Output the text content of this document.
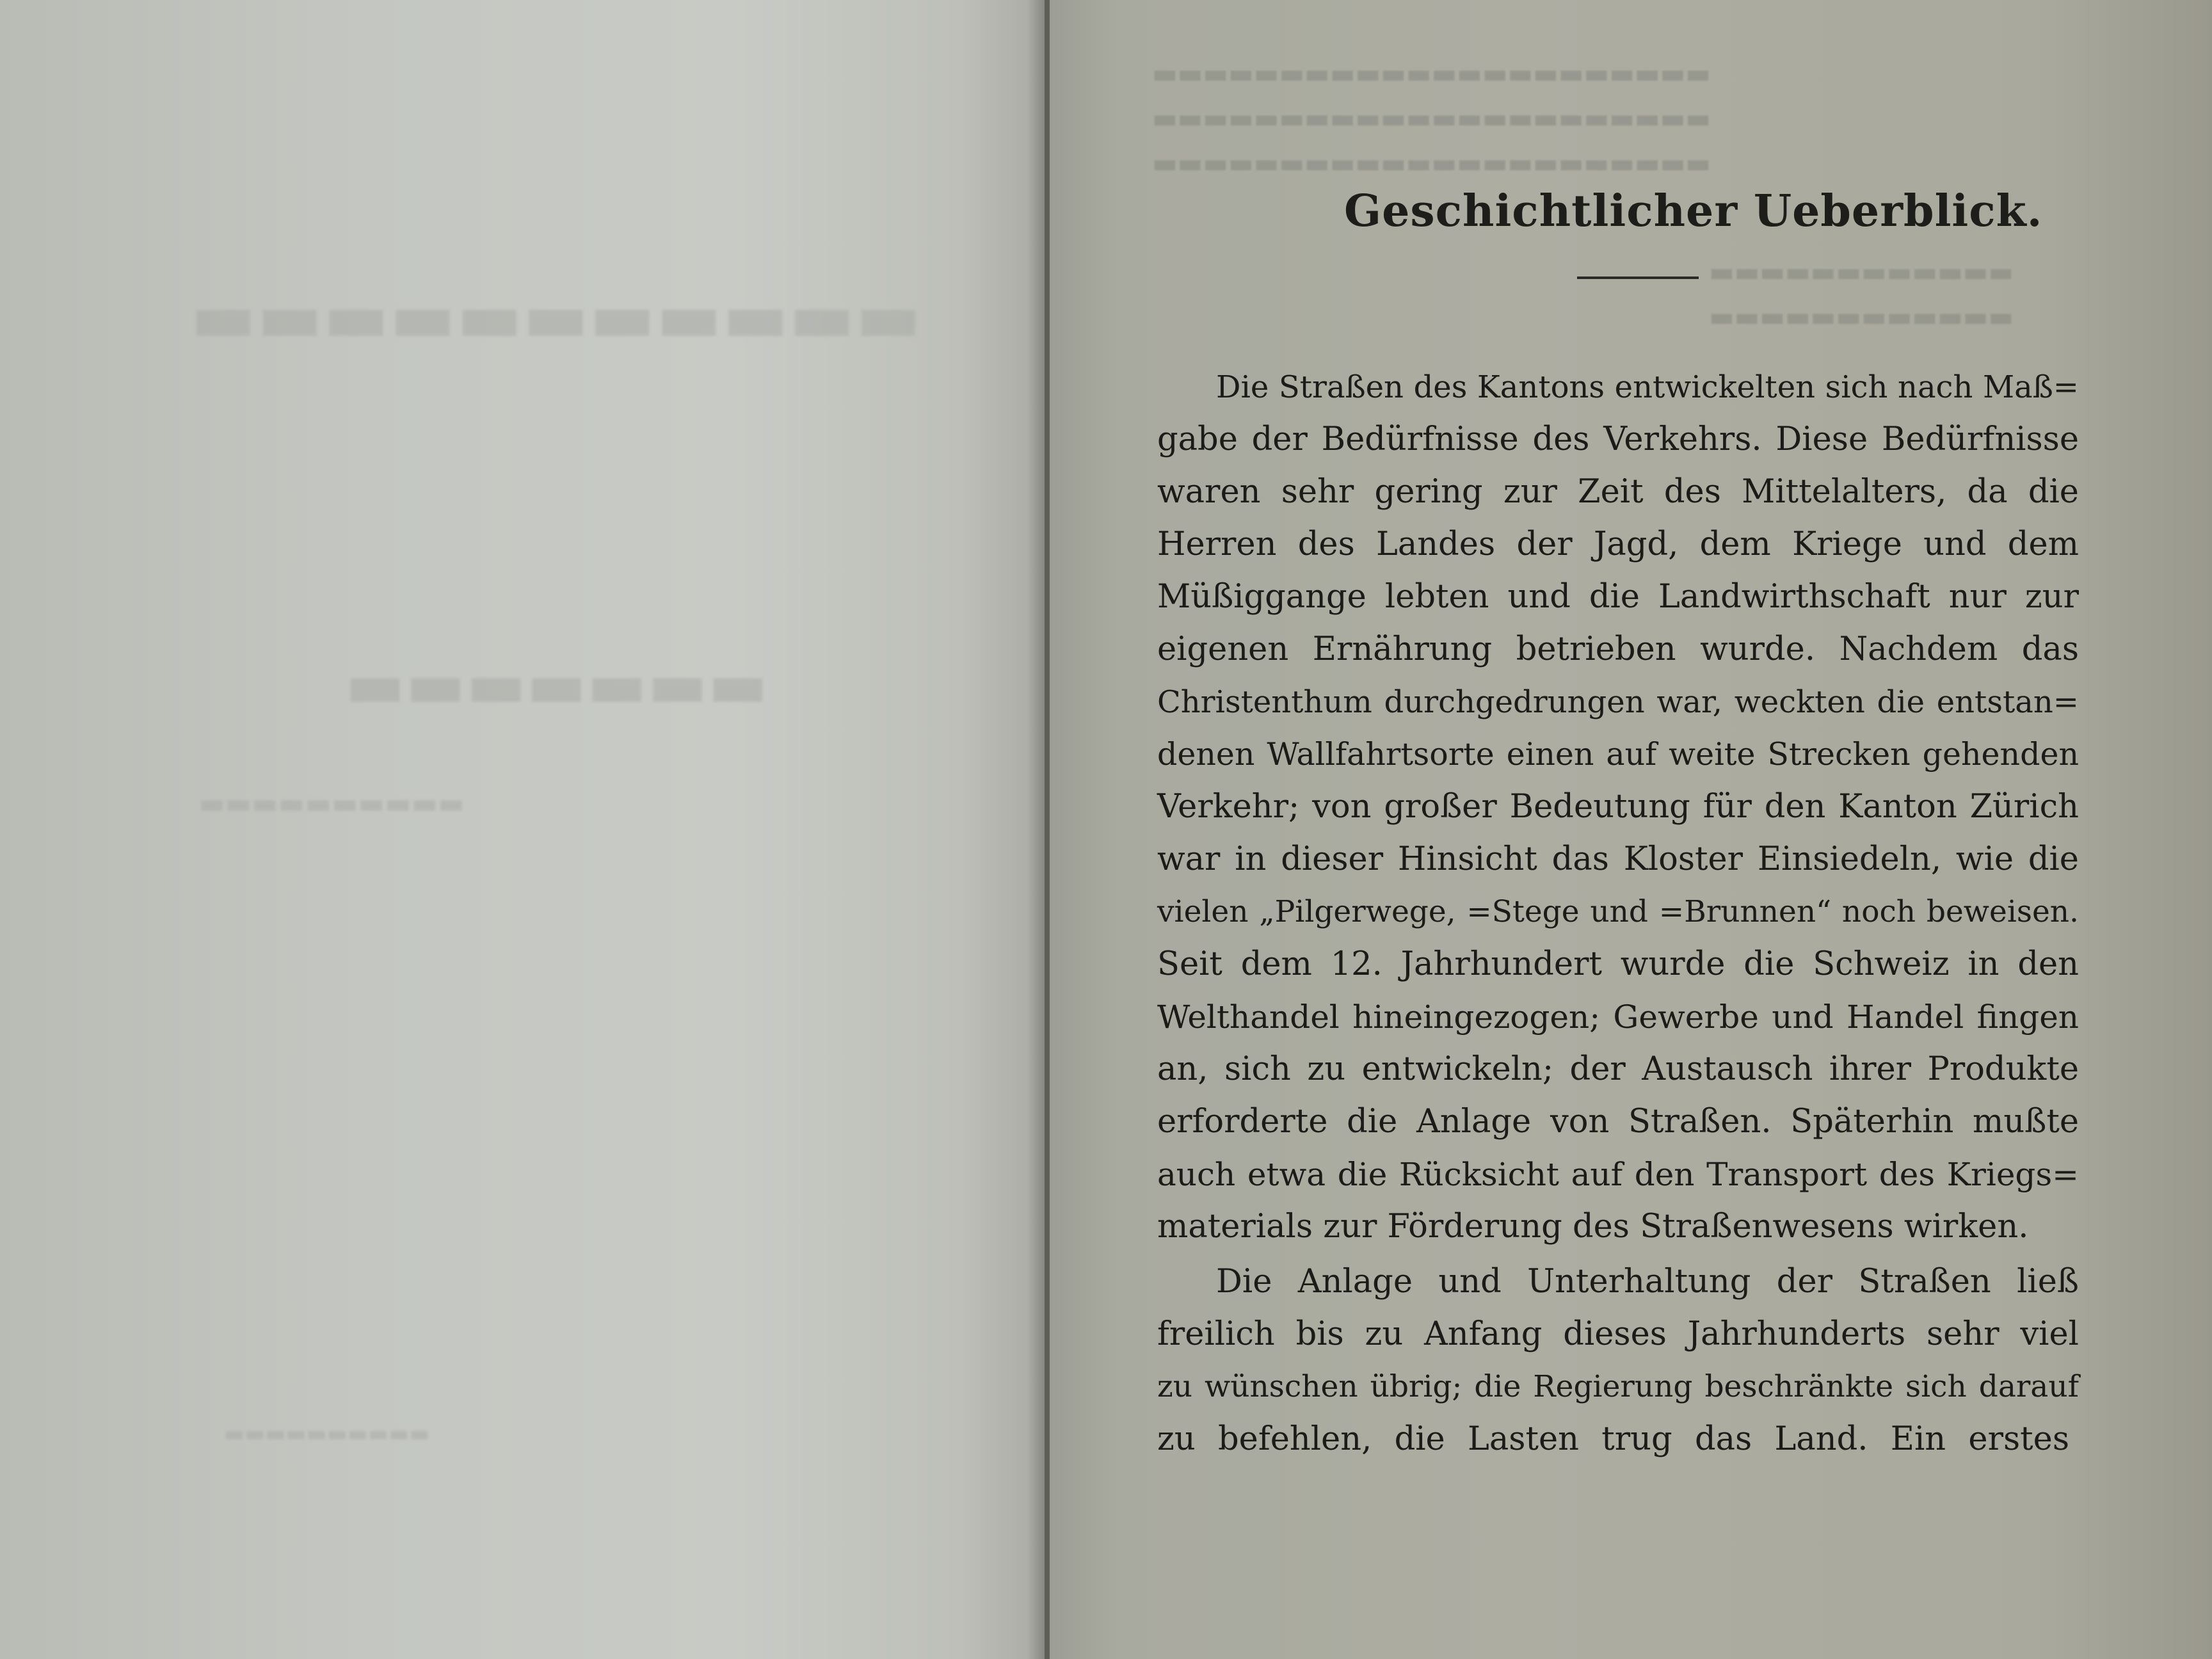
▬▬▬▬▬▬▬▬▬▬▬
▬▬▬▬▬▬▬
▬▬▬▬▬▬▬▬▬▬
▬▬▬▬▬▬▬▬▬▬
▬▬▬▬▬▬▬▬▬▬▬▬▬▬▬▬▬▬▬▬▬▬
▬▬▬▬▬▬▬▬▬▬▬▬▬▬▬▬▬▬▬▬▬▬
▬▬▬▬▬▬▬▬▬▬▬▬▬▬▬▬▬▬▬▬▬▬
▬▬▬▬▬▬▬▬▬▬▬▬
▬▬▬▬▬▬▬▬▬▬▬▬
Geschichtlicher Ueberblick.
Die Straßen des Kantons entwickelten sich nach Maß=
gabe der Bedürfnisse des Verkehrs. Diese Bedürfnisse
waren sehr gering zur Zeit des Mittelalters, da die
Herren des Landes der Jagd, dem Kriege und dem
Müßiggange lebten und die Landwirthschaft nur zur
eigenen Ernährung betrieben wurde. Nachdem das
Christenthum durchgedrungen war, weckten die entstan=
denen Wallfahrtsorte einen auf weite Strecken gehenden
Verkehr; von großer Bedeutung für den Kanton Zürich
war in dieser Hinsicht das Kloster Einsiedeln, wie die
vielen „Pilgerwege, =Stege und =Brunnen“ noch beweisen.
Seit dem 12. Jahrhundert wurde die Schweiz in den
Welthandel hineingezogen; Gewerbe und Handel fingen
an, sich zu entwickeln; der Austausch ihrer Produkte
erforderte die Anlage von Straßen. Späterhin mußte
auch etwa die Rücksicht auf den Transport des Kriegs=
materials zur Förderung des Straßenwesens wirken.
Die Anlage und Unterhaltung der Straßen ließ
freilich bis zu Anfang dieses Jahrhunderts sehr viel
zu wünschen übrig; die Regierung beschränkte sich darauf
zu befehlen, die Lasten trug das Land. Ein erstes
